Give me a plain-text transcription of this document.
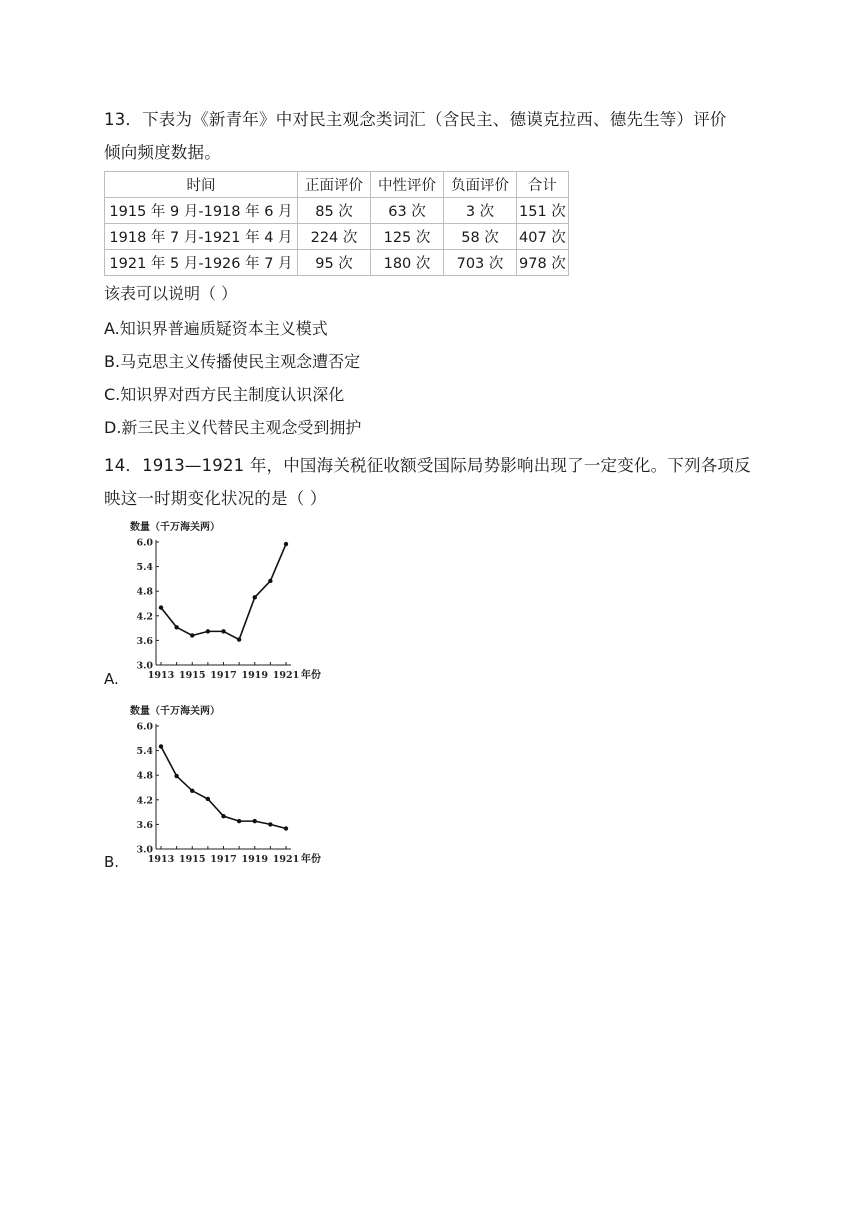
13．下表为《新青年》中对民主观念类词汇（含民主、德谟克拉西、德先生等）评价
倾向频度数据。
时间	正面评价	中性评价	负面评价	合计
1915 年 9 月-1918 年 6 月	85 次	63 次	3 次	151 次
1918 年 7 月-1921 年 4 月	224 次	125 次	58 次	407 次
1921 年 5 月-1926 年 7 月	95 次	180 次	703 次	978 次
该表可以说明（ ）
A.知识界普遍质疑资本主义模式
B.马克思主义传播使民主观念遭否定
C.知识界对西方民主制度认识深化
D.新三民主义代替民主观念受到拥护
14．1913—1921 年，中国海关税征收额受国际局势影响出现了一定变化。下列各项反
映这一时期变化状况的是（ ）
数量（千万海关两）
3.0
3.6
4.2
4.8
5.4
6.0
1913 1915 1917 1919 1921 年份
A.
数量（千万海关两）
3.0
3.6
4.2
4.8
5.4
6.0
1913 1915 1917 1919 1921 年份
B.
